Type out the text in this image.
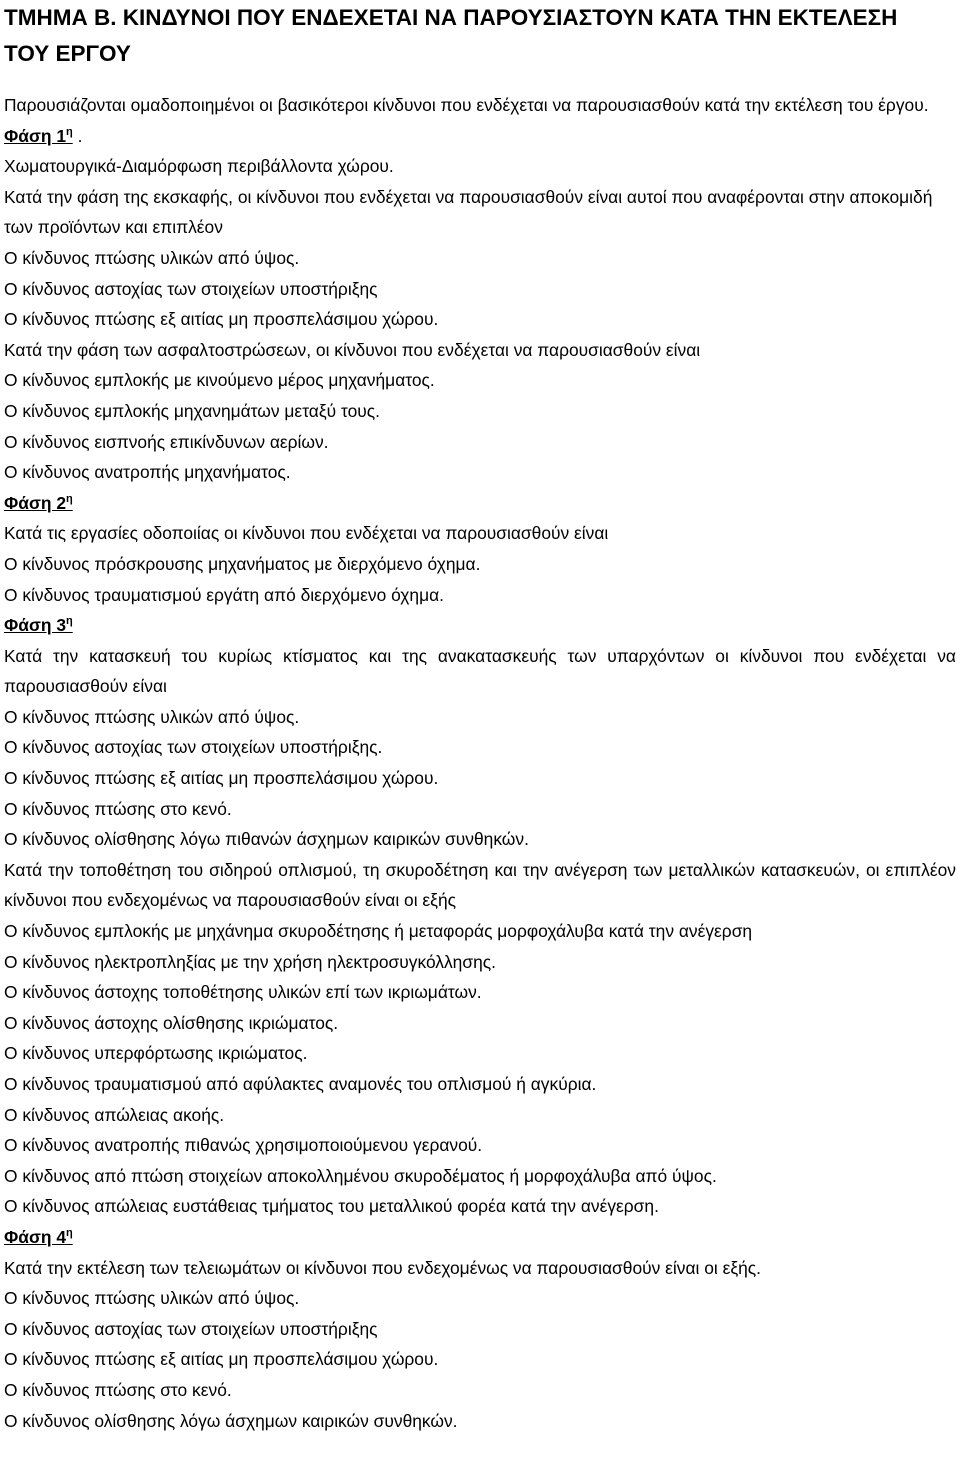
ΤΜΗΜΑ Β. ΚΙΝΔΥΝΟΙ ΠΟΥ ΕΝΔΕΧΕΤΑΙ ΝΑ ΠΑΡΟΥΣΙΑΣΤΟΥΝ ΚΑΤΑ ΤΗΝ ΕΚΤΕΛΕΣΗ
ΤΟΥ ΕΡΓΟΥ

Παρουσιάζονται ομαδοποιημένοι οι βασικότεροι κίνδυνοι που ενδέχεται να παρουσιασθούν κατά την εκτέλεση του έργου.

Φάση $1^\eta$ .

Χωματουργικά-Διαμόρφωση περιβάλλοντα χώρου.

Κατά την φάση της εκσκαφής, οι κίνδυνοι που ενδέχεται να παρουσιασθούν είναι αυτοί που αναφέρονται στην αποκομιδή των προϊόντων και επιπλέον

Ο κίνδυνος πτώσης υλικών από ύψος.

Ο κίνδυνος αστοχίας των στοιχείων υποστήριξης

Ο κίνδυνος πτώσης εξ αιτίας μη προσπελάσιμου χώρου.

Κατά την φάση των ασφαλτοστρώσεων, οι κίνδυνοι που ενδέχεται να παρουσιασθούν είναι

Ο κίνδυνος εμπλοκής με κινούμενο μέρος μηχανήματος.

Ο κίνδυνος εμπλοκής μηχανημάτων μεταξύ τους.

Ο κίνδυνος εισπνοής επικίνδυνων αερίων.

Ο κίνδυνος ανατροπής μηχανήματος.

Φάση $2^\eta$

Κατά τις εργασίες οδοποιίας οι κίνδυνοι που ενδέχεται να παρουσιασθούν είναι

Ο κίνδυνος πρόσκρουσης μηχανήματος με διερχόμενο όχημα.

Ο κίνδυνος τραυματισμού εργάτη από διερχόμενο όχημα.

Φάση $3^\eta$

Κατά την κατασκευή του κυρίως κτίσματος και της ανακατασκευής των υπαρχόντων οι κίνδυνοι που ενδέχεται να παρουσιασθούν είναι

Ο κίνδυνος πτώσης υλικών από ύψος.

Ο κίνδυνος αστοχίας των στοιχείων υποστήριξης.

Ο κίνδυνος πτώσης εξ αιτίας μη προσπελάσιμου χώρου.

Ο κίνδυνος πτώσης στο κενό.

Ο κίνδυνος ολίσθησης λόγω πιθανών άσχημων καιρικών συνθηκών.

Κατά την τοποθέτηση του σιδηρού οπλισμού, τη σκυροδέτηση και την ανέγερση των μεταλλικών κατασκευών, οι επιπλέον κίνδυνοι που ενδεχομένως να παρουσιασθούν είναι οι εξής

Ο κίνδυνος εμπλοκής με μηχάνημα σκυροδέτησης ή μεταφοράς μορφοχάλυβα κατά την ανέγερση

Ο κίνδυνος ηλεκτροπληξίας με την χρήση ηλεκτροσυγκόλλησης.

Ο κίνδυνος άστοχης τοποθέτησης υλικών επί των ικριωμάτων.

Ο κίνδυνος άστοχης ολίσθησης ικριώματος.

Ο κίνδυνος υπερφόρτωσης ικριώματος.

Ο κίνδυνος τραυματισμού από αφύλακτες αναμονές του οπλισμού ή αγκύρια.

Ο κίνδυνος απώλειας ακοής.

Ο κίνδυνος ανατροπής πιθανώς χρησιμοποιούμενου γερανού.

Ο κίνδυνος από πτώση στοιχείων αποκολλημένου σκυροδέματος ή μορφοχάλυβα από ύψος.

Ο κίνδυνος απώλειας ευστάθειας τμήματος του μεταλλικού φορέα κατά την ανέγερση.

Φάση $4^\eta$

Κατά την εκτέλεση των τελειωμάτων οι κίνδυνοι που ενδεχομένως να παρουσιασθούν είναι οι εξής.

Ο κίνδυνος πτώσης υλικών από ύψος.

Ο κίνδυνος αστοχίας των στοιχείων υποστήριξης

Ο κίνδυνος πτώσης εξ αιτίας μη προσπελάσιμου χώρου.

Ο κίνδυνος πτώσης στο κενό.

Ο κίνδυνος ολίσθησης λόγω άσχημων καιρικών συνθηκών.
